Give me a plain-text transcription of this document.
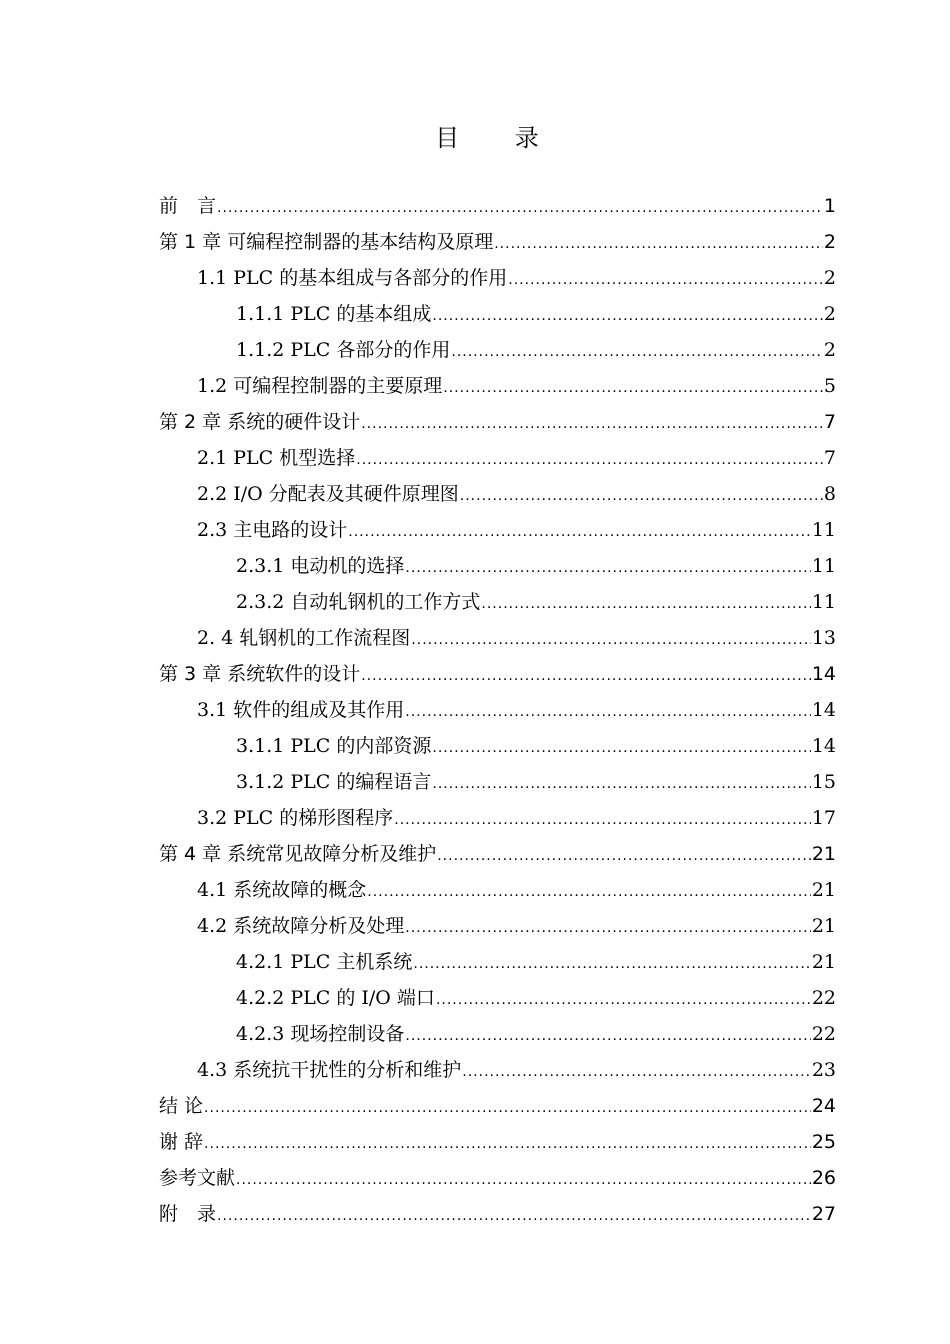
目 录
前　言 .....	1
第 1 章 可编程控制器的基本结构及原理 .....	2
1.1 PLC 的基本组成与各部分的作用 .....	2
1.1.1 PLC 的基本组成 .....	2
1.1.2 PLC 各部分的作用 .....	2
1.2 可编程控制器的主要原理 .....	5
第 2 章 系统的硬件设计 .....	7
2.1 PLC 机型选择 .....	7
2.2 I/O 分配表及其硬件原理图 .....	8
2.3 主电路的设计 .....	11
2.3.1 电动机的选择 .....	11
2.3.2 自动轧钢机的工作方式 .....	11
2. 4 轧钢机的工作流程图 .....	13
第 3 章 系统软件的设计 .....	14
3.1 软件的组成及其作用 .....	14
3.1.1 PLC 的内部资源 .....	14
3.1.2 PLC 的编程语言 .....	15
3.2 PLC 的梯形图程序 .....	17
第 4 章 系统常见故障分析及维护 .....	21
4.1 系统故障的概念 .....	21
4.2 系统故障分析及处理 .....	21
4.2.1 PLC 主机系统 .....	21
4.2.2 PLC 的 I/O 端口 .....	22
4.2.3 现场控制设备 .....	22
4.3 系统抗干扰性的分析和维护 .....	23
结 论 .....	24
谢 辞 .....	25
参考文献 .....	26
附　录 .....	27
